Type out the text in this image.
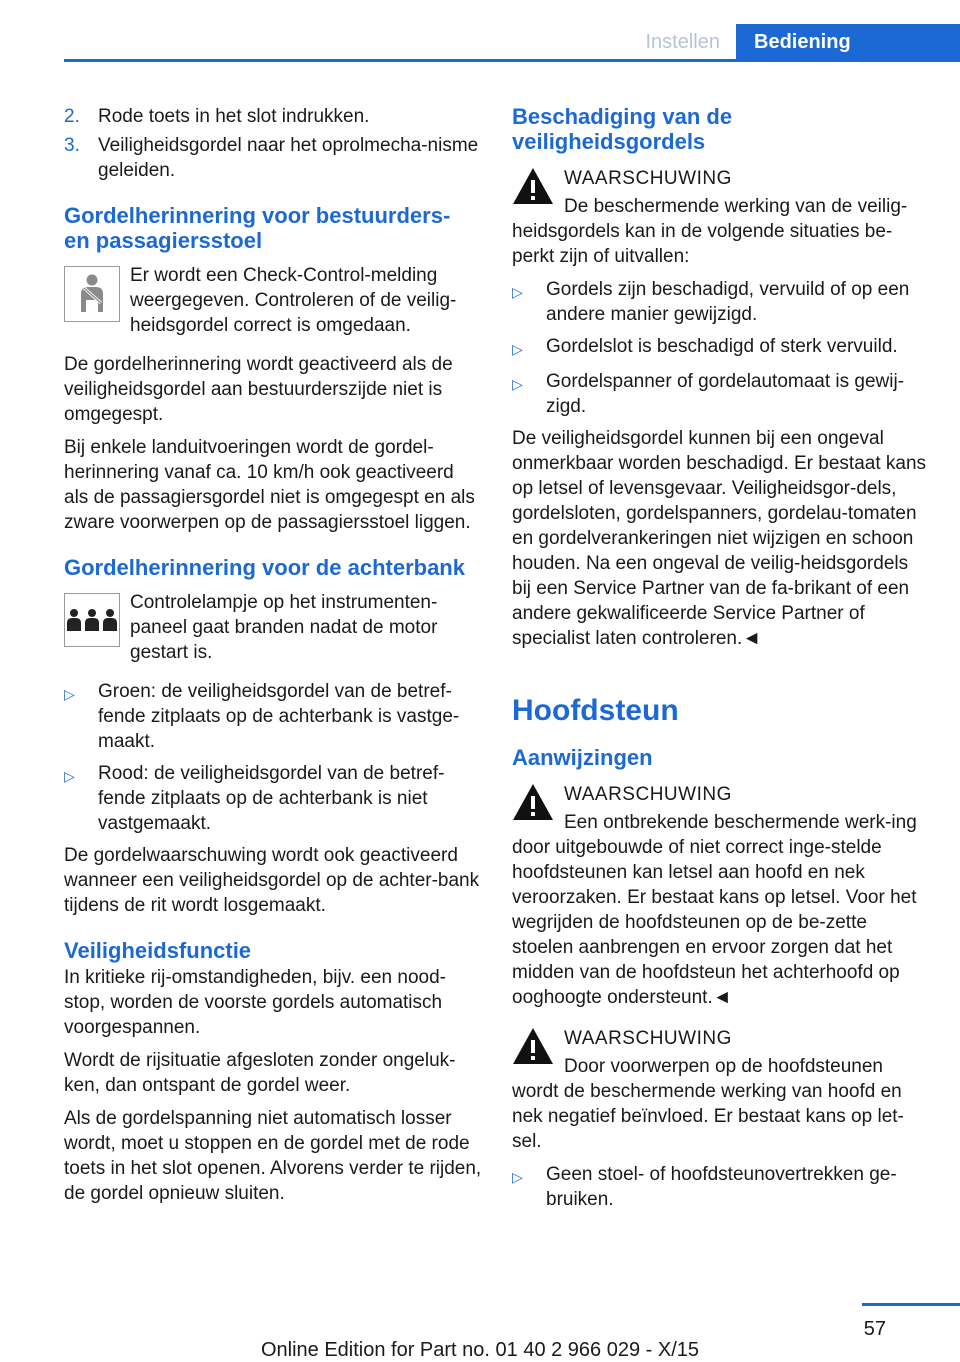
Instellen	Bediening
2. Rode toets in het slot indrukken.
3. Veiligheidsgordel naar het oprolmecha-nisme geleiden.
Gordelherinnering voor bestuurders- en passagiersstoel

Er wordt een Check-Control-melding weergegeven. Controleren of de veilig-heidsgordel correct is omgedaan.

De gordelherinnering wordt geactiveerd als de veiligheidsgordel aan bestuurderszijde niet is omgegespt.

Bij enkele landuitvoeringen wordt de gordel-herinnering vanaf ca. 10 km/h ook geactiveerd als de passagiersgordel niet is omgegespt en als zware voorwerpen op de passagiersstoel liggen.

Gordelherinnering voor de achterbank

Controlelampje op het instrumenten-paneel gaat branden nadat de motor gestart is.

▷	Groen: de veiligheidsgordel van de betref-fende zitplaats op de achterbank is vastge-maakt.
▷	Rood: de veiligheidsgordel van de betref-fende zitplaats op de achterbank is niet vastgemaakt.

De gordelwaarschuwing wordt ook geactiveerd wanneer een veiligheidsgordel op de achter-bank tijdens de rit wordt losgemaakt.

Veiligheidsfunctie

In kritieke rij-omstandigheden, bijv. een nood-stop, worden de voorste gordels automatisch voorgespannen.

Wordt de rijsituatie afgesloten zonder ongeluk-ken, dan ontspant de gordel weer.

Als de gordelspanning niet automatisch losser wordt, moet u stoppen en de gordel met de rode toets in het slot openen. Alvorens verder te rijden, de gordel opnieuw sluiten.

Beschadiging van de veiligheidsgordels
WAARSCHUWING

De beschermende werking van de veilig-heidsgordels kan in de volgende situaties be-perkt zijn of uitvallen:

▷	Gordels zijn beschadigd, vervuild of op een andere manier gewijzigd.
▷	Gordelslot is beschadigd of sterk vervuild.
▷	Gordelspanner of gordelautomaat is gewij-zigd.

De veiligheidsgordel kunnen bij een ongeval onmerkbaar worden beschadigd. Er bestaat kans op letsel of levensgevaar. Veiligheidsgor-dels, gordelsloten, gordelspanners, gordelau-tomaten en gordelverankeringen niet wijzigen en schoon houden. Na een ongeval de veilig-heidsgordels bij een Service Partner van de fa-brikant of een andere gekwalificeerde Service Partner of specialist laten controleren.◄

Hoofdsteun
Aanwijzingen
WAARSCHUWING

Een ontbrekende beschermende werk-ing door uitgebouwde of niet correct inge-stelde hoofdsteunen kan letsel aan hoofd en nek veroorzaken. Er bestaat kans op letsel. Voor het wegrijden de hoofdsteunen op de be-zette stoelen aanbrengen en ervoor zorgen dat het midden van de hoofdsteun het achterhoofd op ooghoogte ondersteunt.◄

WAARSCHUWING

Door voorwerpen op de hoofdsteunen wordt de beschermende werking van hoofd en nek negatief beïnvloed. Er bestaat kans op let-sel.

▷	Geen stoel- of hoofdsteunovertrekken ge-bruiken.
57
Online Edition for Part no. 01 40 2 966 029 - X/15
